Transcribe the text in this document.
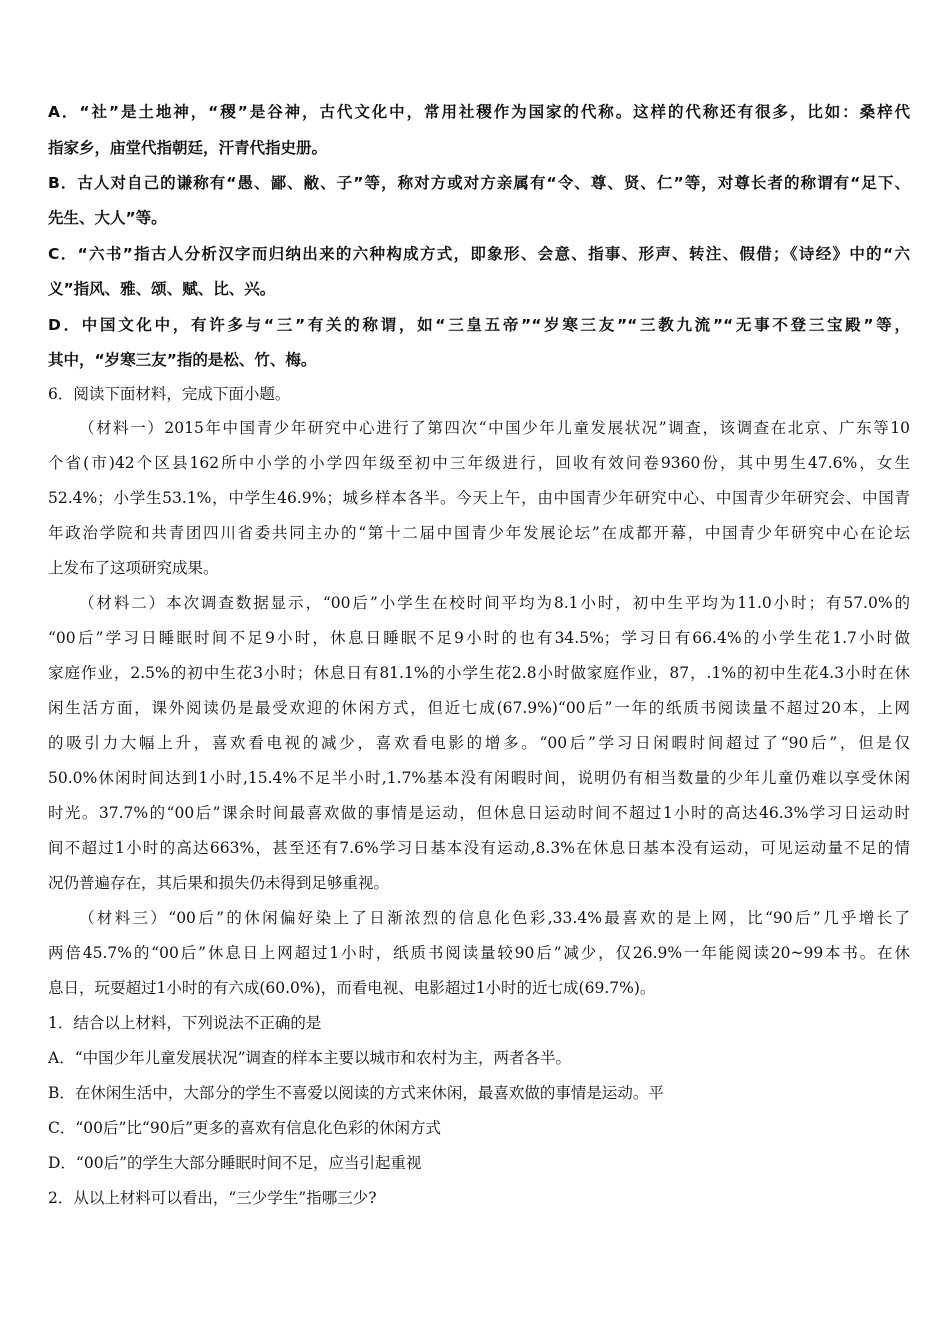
A．“社”是土地神，“稷”是谷神，古代文化中，常用社稷作为国家的代称。这样的代称还有很多，比如：桑梓代
指家乡，庙堂代指朝廷，汗青代指史册。
B．古人对自己的谦称有“愚、鄙、敝、子”等，称对方或对方亲属有“令、尊、贤、仁”等，对尊长者的称谓有“足下、
先生、大人”等。
C．“六书”指古人分析汉字而归纳出来的六种构成方式，即象形、会意、指事、形声、转注、假借；《诗经》中的“六
义”指风、雅、颂、赋、比、兴。
D．中国文化中，有许多与“三”有关的称谓，如“三皇五帝”“岁寒三友”“三教九流”“无事不登三宝殿”等，
其中，“岁寒三友”指的是松、竹、梅。
6．阅读下面材料，完成下面小题。
（材料一）2015年中国青少年研究中心进行了第四次“中国少年儿童发展状况”调查，该调查在北京、广东等10
个省(市)42个区县162所中小学的小学四年级至初中三年级进行，回收有效问卷9360份，其中男生47.6%，女生
52.4%；小学生53.1%，中学生46.9%；城乡样本各半。今天上午，由中国青少年研究中心、中国青少年研究会、中国青
年政治学院和共青团四川省委共同主办的“第十二届中国青少年发展论坛”在成都开幕，中国青少年研究中心在论坛
上发布了这项研究成果。
（材料二）本次调查数据显示，“00后”小学生在校时间平均为8.1小时，初中生平均为11.0小时；有57.0%的
“00后”学习日睡眠时间不足9小时，休息日睡眠不足9小时的也有34.5%；学习日有66.4%的小学生花1.7小时做
家庭作业，2.5%的初中生花3小时；休息日有81.1%的小学生花2.8小时做家庭作业，87，.1%的初中生花4.3小时在休
闲生活方面，课外阅读仍是最受欢迎的休闲方式，但近七成(67.9%)“00后”一年的纸质书阅读量不超过20本，上网
的吸引力大幅上升，喜欢看电视的减少，喜欢看电影的增多。“00后”学习日闲暇时间超过了“90后”，但是仅
50.0%休闲时间达到1小时,15.4%不足半小时,1.7%基本没有闲暇时间，说明仍有相当数量的少年儿童仍难以享受休闲
时光。37.7%的“00后”课余时间最喜欢做的事情是运动，但休息日运动时间不超过1小时的高达46.3%学习日运动时
间不超过1小时的高达663%，甚至还有7.6%学习日基本没有运动,8.3%在休息日基本没有运动，可见运动量不足的情
况仍普遍存在，其后果和损失仍未得到足够重视。
（材料三）“00后”的休闲偏好染上了日渐浓烈的信息化色彩,33.4%最喜欢的是上网，比“90后”几乎增长了
两倍45.7%的“00后”休息日上网超过1小时，纸质书阅读量较90后”减少，仅26.9%一年能阅读20~99本书。在休
息日，玩耍超过1小时的有六成(60.0%)，而看电视、电影超过1小时的近七成(69.7%)。
1．结合以上材料，下列说法不正确的是
A．“中国少年儿童发展状况”调查的样本主要以城市和农村为主，两者各半。
B．在休闲生活中，大部分的学生不喜爱以阅读的方式来休闲，最喜欢做的事情是运动。平
C．“00后”比“90后”更多的喜欢有信息化色彩的休闲方式
D．“00后”的学生大部分睡眠时间不足，应当引起重视
2．从以上材料可以看出，“三少学生”指哪三少?
